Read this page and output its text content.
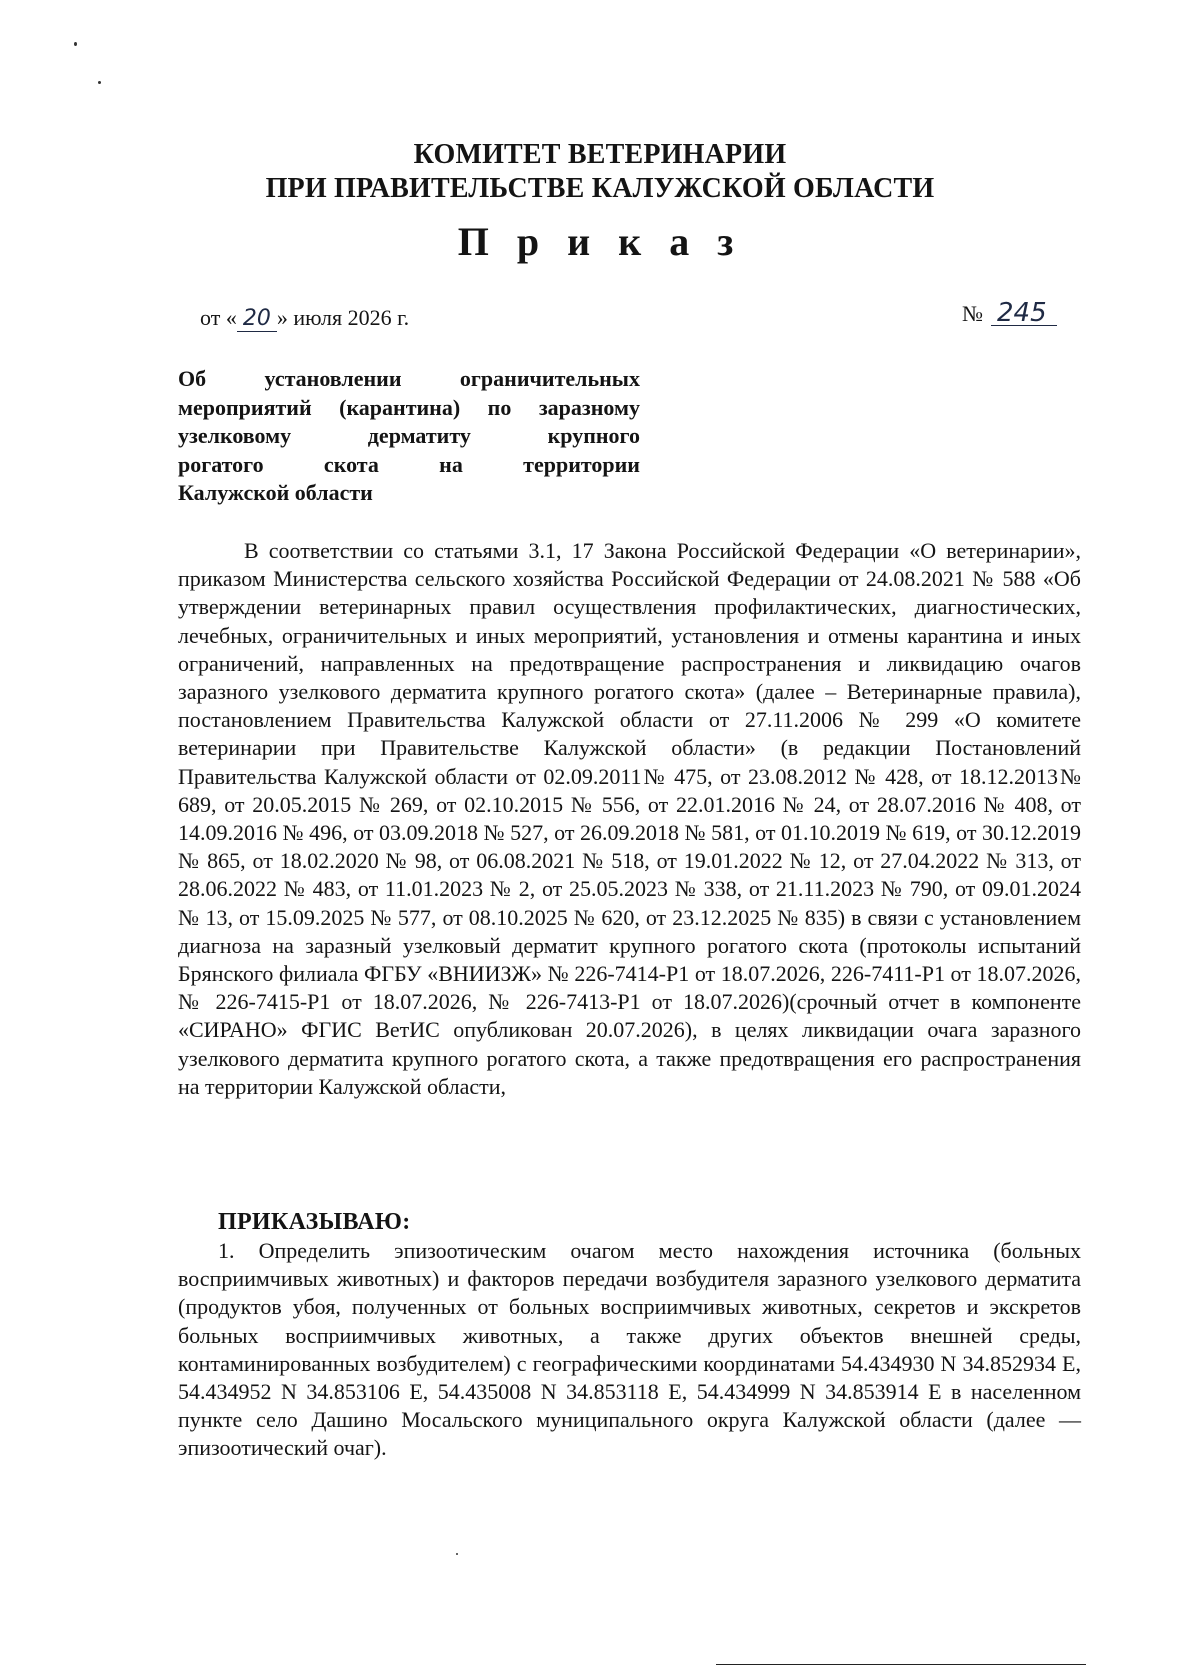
КОМИТЕТ ВЕТЕРИНАРИИ
ПРИ ПРАВИТЕЛЬСТВЕ КАЛУЖСКОЙ ОБЛАСТИ
П р и к а з
от « 20 » июля 2026 г.	№ 245
Об установлении ограничительных
мероприятий (карантина) по заразному
узелковому дерматиту крупного
рогатого скота на территории
Калужской области
В соответствии со статьями 3.1, 17 Закона Российской Федерации «О ветеринарии», приказом Министерства сельского хозяйства Российской Федерации от 24.08.2021 № 588 «Об утверждении ветеринарных правил осуществления профилактических, диагностических, лечебных, ограничительных и иных мероприятий, установления и отмены карантина и иных ограничений, направленных на предотвращение распространения и ликвидацию очагов заразного узелкового дерматита крупного рогатого скота» (далее – Ветеринарные правила), постановлением Правительства Калужской области от 27.11.2006 № 299 «О комитете ветеринарии при Правительстве Калужской области» (в редакции Постановлений Правительства Калужской области от 02.09.2011№ 475, от 23.08.2012 № 428, от 18.12.2013№ 689, от 20.05.2015 № 269, от 02.10.2015 № 556, от 22.01.2016 № 24, от 28.07.2016 № 408, от 14.09.2016 № 496, от 03.09.2018 № 527, от 26.09.2018 № 581, от 01.10.2019 № 619, от 30.12.2019 № 865, от 18.02.2020 № 98, от 06.08.2021 № 518, от 19.01.2022 № 12, от 27.04.2022 № 313, от 28.06.2022 № 483, от 11.01.2023 № 2, от 25.05.2023 № 338, от 21.11.2023 № 790, от 09.01.2024 № 13, от 15.09.2025 № 577, от 08.10.2025 № 620, от 23.12.2025 № 835) в связи с установлением диагноза на заразный узелковый дерматит крупного рогатого скота (протоколы испытаний Брянского филиала ФГБУ «ВНИИЗЖ» № 226-7414-Р1 от 18.07.2026, 226-7411-Р1 от 18.07.2026, № 226-7415-Р1 от 18.07.2026, № 226-7413-Р1 от 18.07.2026)(срочный отчет в компоненте «СИРАНО» ФГИС ВетИС опубликован 20.07.2026), в целях ликвидации очага заразного узелкового дерматита крупного рогатого скота, а также предотвращения его распространения на территории Калужской области,
ПРИКАЗЫВАЮ:
1. Определить эпизоотическим очагом место нахождения источника (больных восприимчивых животных) и факторов передачи возбудителя заразного узелкового дерматита (продуктов убоя, полученных от больных восприимчивых животных, секретов и экскретов больных восприимчивых животных, а также других объектов внешней среды, контаминированных возбудителем) с географическими координатами 54.434930 N 34.852934 E, 54.434952 N 34.853106 E, 54.435008 N 34.853118 E, 54.434999 N 34.853914 E в населенном пункте село Дашино Мосальского муниципального округа Калужской области (далее — эпизоотический очаг).
